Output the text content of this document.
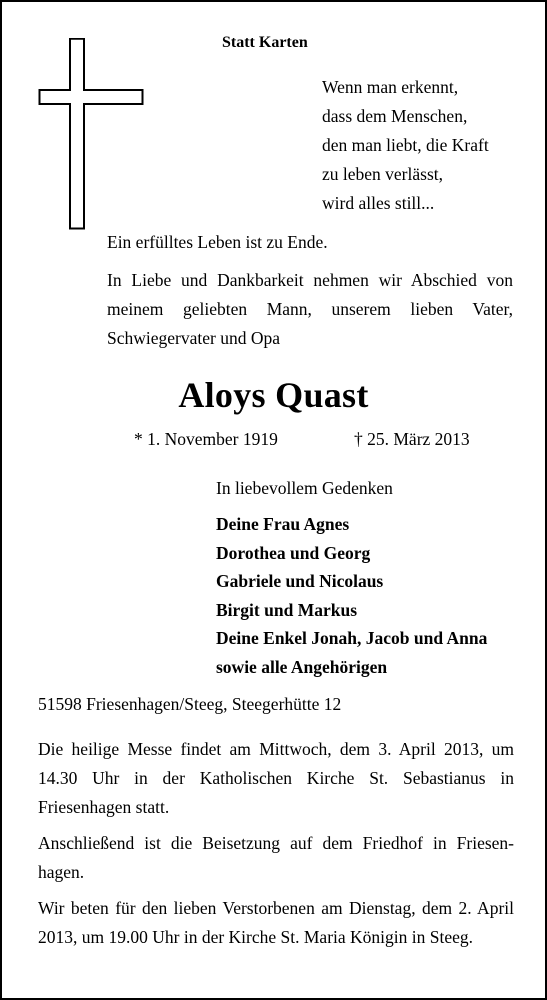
Statt Karten
Wenn man erkennt,
dass dem Menschen,
den man liebt, die Kraft
zu leben verlässt,
wird alles still...

Ein erfülltes Leben ist zu Ende.

In Liebe und Dankbarkeit nehmen wir Abschied von meinem geliebten Mann, unserem lieben Vater, Schwiegervater und Opa

Aloys Quast
* 1. November 1919	† 25. März 2013
In liebevollem Gedenken
Deine Frau Agnes
Dorothea und Georg
Gabriele und Nicolaus
Birgit und Markus
Deine Enkel Jonah, Jacob und Anna
sowie alle Angehörigen
51598 Friesenhagen/Steeg, Steegerhütte 12

Die heilige Messe findet am Mittwoch, dem 3. April 2013, um 14.30 Uhr in der Katholischen Kirche St. Sebastianus in Friesenhagen statt.

Anschließend ist die Beisetzung auf dem Friedhof in Friesen-hagen.

Wir beten für den lieben Verstorbenen am Dienstag, dem 2. April 2013, um 19.00 Uhr in der Kirche St. Maria Königin in Steeg.
